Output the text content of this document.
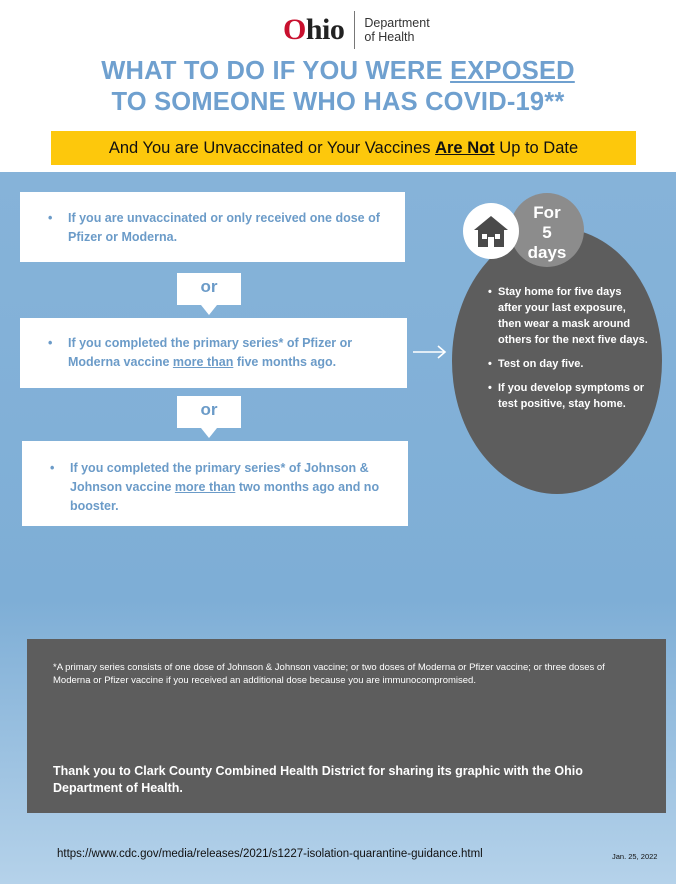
Ohio Department
of Health
WHAT TO DO IF YOU WERE EXPOSED
TO SOMEONE WHO HAS COVID-19**
And You are Unvaccinated or Your Vaccines Are Not Up to Date
• If you are unvaccinated or only received one dose of Pfizer or Moderna.
or
• If you completed the primary series* of Pfizer or Moderna vaccine more than five months ago.
or
• If you completed the primary series* of Johnson & Johnson vaccine more than two months ago and no booster.
• Stay home for five days after your last exposure, then wear a mask around others for the next five days.
• Test on day five.
• If you develop symptoms or test positive, stay home.
For
5
days
*A primary series consists of one dose of Johnson & Johnson vaccine; or two doses of Moderna or Pfizer vaccine; or three doses of Moderna or Pfizer vaccine if you received an additional dose because you are immunocompromised.
Thank you to Clark County Combined Health District for sharing its graphic with the Ohio Department of Health.
https://www.cdc.gov/media/releases/2021/s1227-isolation-quarantine-guidance.html	Jan. 25, 2022
